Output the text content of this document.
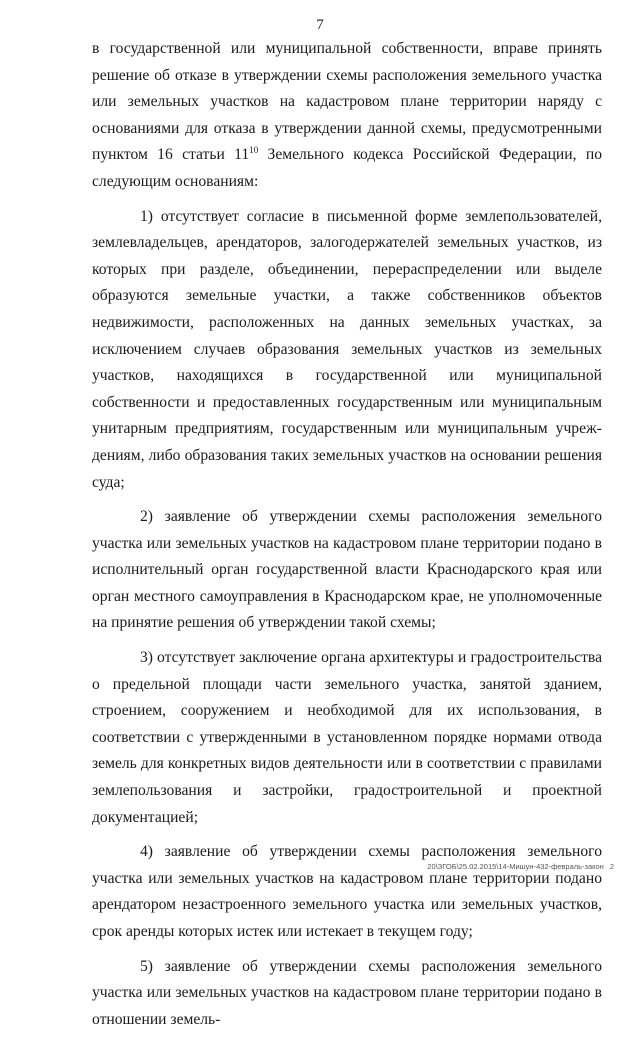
7

в государственной или муниципальной собственности, вправе принять решение об отказе в утверждении схемы расположения земельного участка или земельных участков на кадастровом плане территории наряду с основаниями для отказа в утверждении данной схемы, предусмотренными пунктом 16 статьи $11^{10}$ Земельного кодекса Российской Федерации, по следующим основаниям:

1) отсутствует согласие в письменной форме землепользователей, землевладельцев, арендаторов, залогодержателей земельных участков, из которых при разделе, объединении, перераспределении или выделе образуются земельные участки, а также собственников объектов недвижимости, расположенных на данных земельных участках, за исключением случаев образования земельных участков из земельных участков, находящихся в государственной или муниципальной собственности и предоставленных государственным или муниципальным унитарным предприятиям, государственным или муниципальным учреждениям, либо образования таких земельных участков на основании решения суда;

2) заявление об утверждении схемы расположения земельного участка или земельных участков на кадастровом плане территории подано в исполнительный орган государственной власти Краснодарского края или орган местного самоуправления в Краснодарском крае, не уполномоченные на принятие решения об утверждении такой схемы;

3) отсутствует заключение органа архитектуры и градостроительства о предельной площади части земельного участка, занятой зданием, строением, сооружением и необходимой для их использования, в соответствии с утвержденными в установленном порядке нормами отвода земель для конкретных видов деятельности или в соответствии с правилами землепользования и застройки, градостроительной и проектной документацией;

4) заявление об утверждении схемы расположения земельного участка или земельных участков на кадастровом плане территории подано арендатором незастроенного земельного участка или земельных участков, срок аренды которых истек или истекает в текущем году;

5) заявление об утверждении схемы расположения земельного участка или земельных участков на кадастровом плане территории подано в отношении земель-

20\ЗГОБ\25.02.2015\14-Мишун-432-февраль-закон 2
